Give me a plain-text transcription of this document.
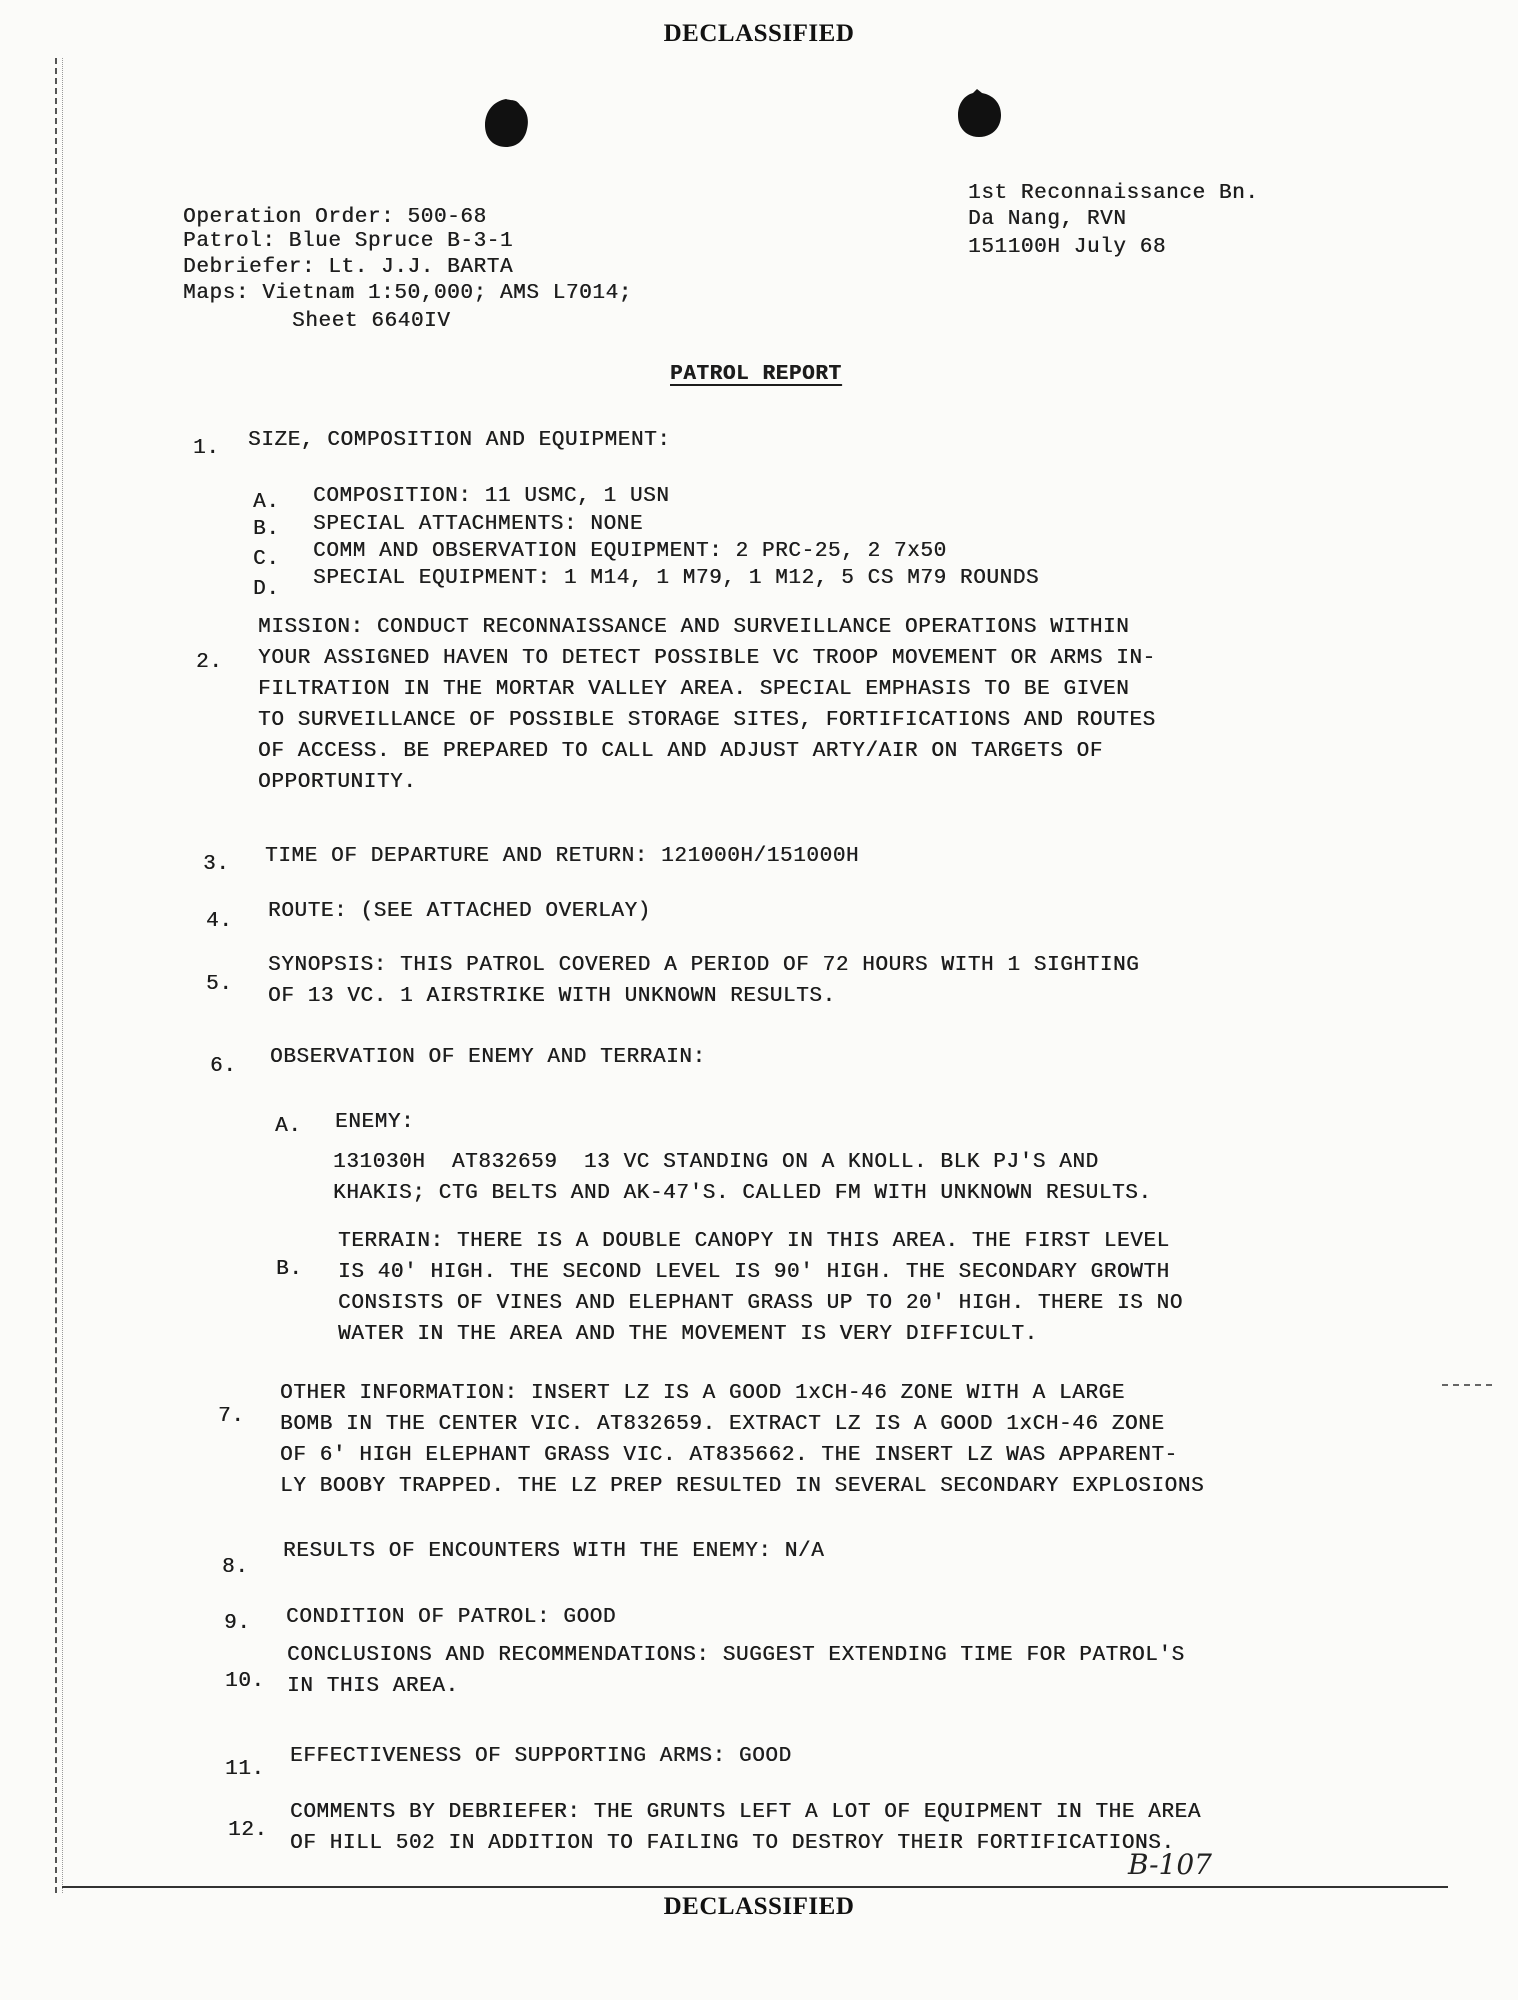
DECLASSIFIED
DECLASSIFIED
Operation Order: 500-68
Patrol: Blue Spruce B-3-1
Debriefer: Lt. J.J. BARTA
Maps: Vietnam 1:50,000; AMS L7014;
Sheet 6640IV
1st Reconnaissance Bn.
Da Nang, RVN
151100H July 68
PATROL REPORT
1. SIZE, COMPOSITION AND EQUIPMENT:
A. COMPOSITION: 11 USMC, 1 USN
B. SPECIAL ATTACHMENTS: NONE
C. COMM AND OBSERVATION EQUIPMENT: 2 PRC-25, 2 7x50
D. SPECIAL EQUIPMENT: 1 M14, 1 M79, 1 M12, 5 CS M79 ROUNDS
2.
MISSION: CONDUCT RECONNAISSANCE AND SURVEILLANCE OPERATIONS WITHIN
YOUR ASSIGNED HAVEN TO DETECT POSSIBLE VC TROOP MOVEMENT OR ARMS IN-
FILTRATION IN THE MORTAR VALLEY AREA. SPECIAL EMPHASIS TO BE GIVEN
TO SURVEILLANCE OF POSSIBLE STORAGE SITES, FORTIFICATIONS AND ROUTES
OF ACCESS. BE PREPARED TO CALL AND ADJUST ARTY/AIR ON TARGETS OF
OPPORTUNITY.
3. TIME OF DEPARTURE AND RETURN: 121000H/151000H
4. ROUTE: (SEE ATTACHED OVERLAY)
5.
SYNOPSIS: THIS PATROL COVERED A PERIOD OF 72 HOURS WITH 1 SIGHTING
OF 13 VC. 1 AIRSTRIKE WITH UNKNOWN RESULTS.
6. OBSERVATION OF ENEMY AND TERRAIN:
A. ENEMY:
131030H  AT832659  13 VC STANDING ON A KNOLL. BLK PJ'S AND
KHAKIS; CTG BELTS AND AK-47'S. CALLED FM WITH UNKNOWN RESULTS.
B.
TERRAIN: THERE IS A DOUBLE CANOPY IN THIS AREA. THE FIRST LEVEL
IS 40' HIGH. THE SECOND LEVEL IS 90' HIGH. THE SECONDARY GROWTH
CONSISTS OF VINES AND ELEPHANT GRASS UP TO 20' HIGH. THERE IS NO
WATER IN THE AREA AND THE MOVEMENT IS VERY DIFFICULT.
7.
OTHER INFORMATION: INSERT LZ IS A GOOD 1xCH-46 ZONE WITH A LARGE
BOMB IN THE CENTER VIC. AT832659. EXTRACT LZ IS A GOOD 1xCH-46 ZONE
OF 6' HIGH ELEPHANT GRASS VIC. AT835662. THE INSERT LZ WAS APPARENT-
LY BOOBY TRAPPED. THE LZ PREP RESULTED IN SEVERAL SECONDARY EXPLOSIONS
8.
RESULTS OF ENCOUNTERS WITH THE ENEMY: N/A
9. CONDITION OF PATROL: GOOD
10.
CONCLUSIONS AND RECOMMENDATIONS: SUGGEST EXTENDING TIME FOR PATROL'S
IN THIS AREA.
11.
EFFECTIVENESS OF SUPPORTING ARMS: GOOD
12.
COMMENTS BY DEBRIEFER: THE GRUNTS LEFT A LOT OF EQUIPMENT IN THE AREA
OF HILL 502 IN ADDITION TO FAILING TO DESTROY THEIR FORTIFICATIONS.
B-107
